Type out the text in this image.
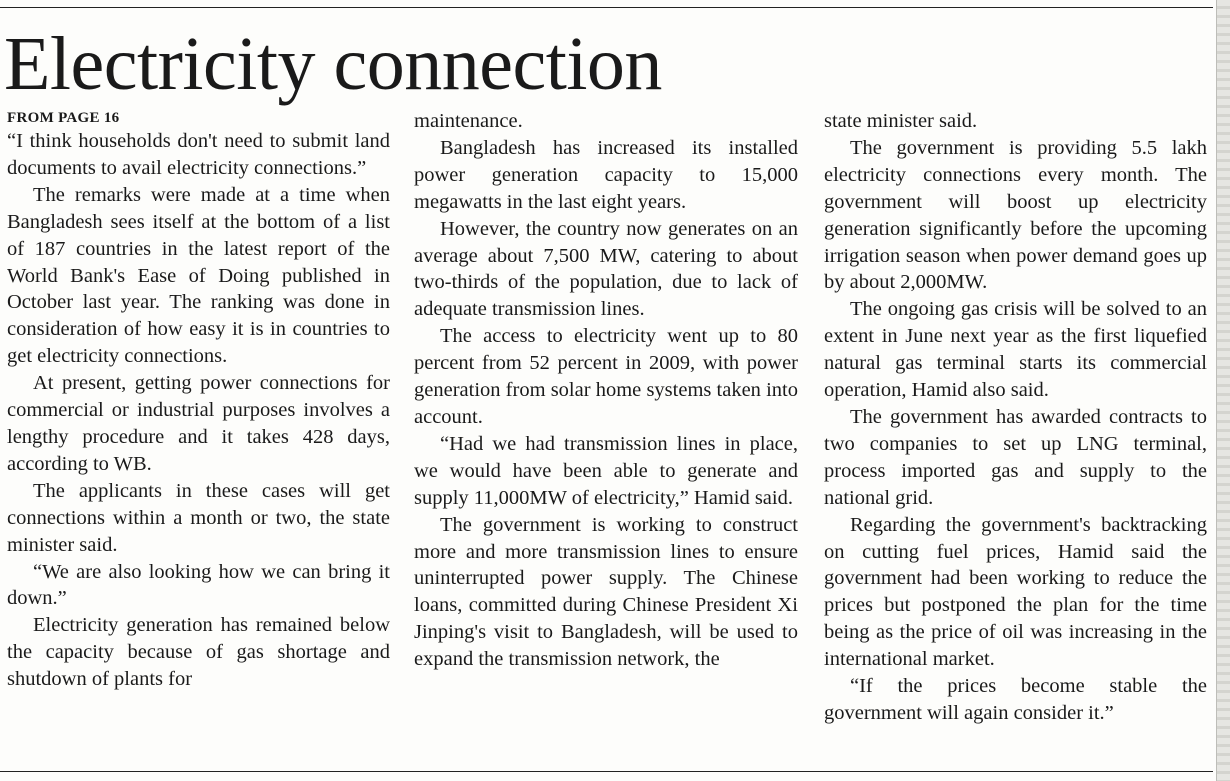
Electricity connection
FROM PAGE 16

“I think households don't need to submit land documents to avail electricity connections.”

The remarks were made at a time when Bangladesh sees itself at the bottom of a list of 187 countries in the latest report of the World Bank's Ease of Doing published in October last year. The ranking was done in consideration of how easy it is in countries to get electricity connections.

At present, getting power connections for commercial or industrial purposes involves a lengthy procedure and it takes 428 days, according to WB.

The applicants in these cases will get connections within a month or two, the state minister said.

“We are also looking how we can bring it down.”

Electricity generation has remained below the capacity because of gas shortage and shutdown of plants for

maintenance.

Bangladesh has increased its installed power generation capacity to 15,000 megawatts in the last eight years.

However, the country now generates on an average about 7,500 MW, catering to about two-thirds of the population, due to lack of adequate transmission lines.

The access to electricity went up to 80 percent from 52 percent in 2009, with power generation from solar home systems taken into account.

“Had we had transmission lines in place, we would have been able to generate and supply 11,000MW of electricity,” Hamid said.

The government is working to construct more and more transmission lines to ensure uninterrupted power supply. The Chinese loans, committed during Chinese President Xi Jinping's visit to Bangladesh, will be used to expand the transmission network, the

state minister said.

The government is providing 5.5 lakh electricity connections every month. The government will boost up electricity generation significantly before the upcoming irrigation season when power demand goes up by about 2,000MW.

The ongoing gas crisis will be solved to an extent in June next year as the first liquefied natural gas terminal starts its commercial operation, Hamid also said.

The government has awarded contracts to two companies to set up LNG terminal, process imported gas and supply to the national grid.

Regarding the government's backtracking on cutting fuel prices, Hamid said the government had been working to reduce the prices but postponed the plan for the time being as the price of oil was increasing in the international market.

“If the prices become stable the government will again consider it.”
